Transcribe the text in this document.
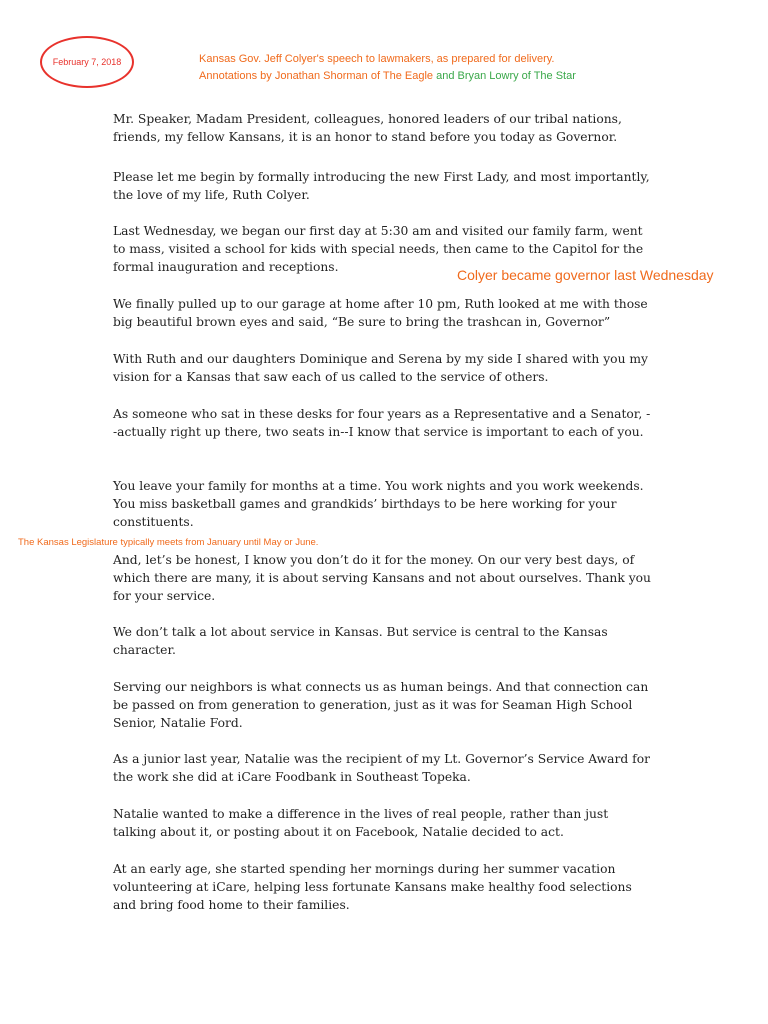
February 7, 2018	Kansas Gov. Jeff Colyer's speech to lawmakers, as prepared for delivery.
Annotations by Jonathan Shorman of The Eagle and Bryan Lowry of The Star
Colyer became governor last Wednesday
The Kansas Legislature typically meets from January until May or June.

Mr. Speaker, Madam President, colleagues, honored leaders of our tribal nations, friends, my fellow Kansans, it is an honor to stand before you today as Governor.

Please let me begin by formally introducing the new First Lady, and most importantly, the love of my life, Ruth Colyer.

Last Wednesday, we began our first day at 5:30 am and visited our family farm, went to mass, visited a school for kids with special needs, then came to the Capitol for the formal inauguration and receptions.

We finally pulled up to our garage at home after 10 pm, Ruth looked at me with those big beautiful brown eyes and said, “Be sure to bring the trashcan in, Governor”

With Ruth and our daughters Dominique and Serena by my side I shared with you my vision for a Kansas that saw each of us called to the service of others.

As someone who sat in these desks for four years as a Representative and a Senator, --actually right up there, two seats in--I know that service is important to each of you.

You leave your family for months at a time. You work nights and you work weekends. You miss basketball games and grandkids’ birthdays to be here working for your constituents.

And, let’s be honest, I know you don’t do it for the money. On our very best days, of which there are many, it is about serving Kansans and not about ourselves. Thank you for your service.

We don’t talk a lot about service in Kansas. But service is central to the Kansas character.

Serving our neighbors is what connects us as human beings. And that connection can be passed on from generation to generation, just as it was for Seaman High School Senior, Natalie Ford.

As a junior last year, Natalie was the recipient of my Lt. Governor’s Service Award for the work she did at iCare Foodbank in Southeast Topeka.

Natalie wanted to make a difference in the lives of real people, rather than just talking about it, or posting about it on Facebook, Natalie decided to act.

At an early age, she started spending her mornings during her summer vacation volunteering at iCare, helping less fortunate Kansans make healthy food selections and bring food home to their families.
